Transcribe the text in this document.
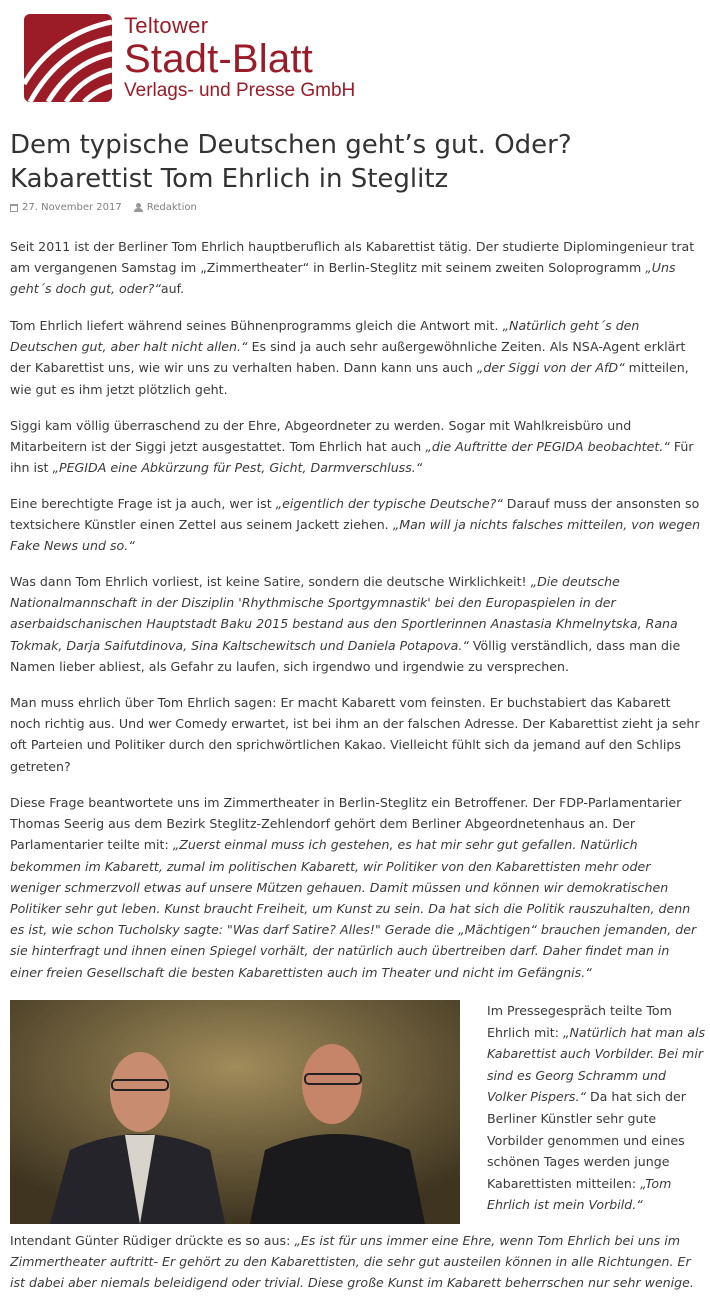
Teltower
Stadt-Blatt
Verlags- und Presse GmbH
Dem typische Deutschen geht’s gut. Oder? Kabarettist Tom Ehrlich in Steglitz
27. November 2017	Redaktion

Seit 2011 ist der Berliner Tom Ehrlich hauptberuflich als Kabarettist tätig. Der studierte Diplomingenieur trat am vergangenen Samstag im „Zimmertheater“ in Berlin-Steglitz mit seinem zweiten Soloprogramm „Uns geht´s doch gut, oder?“auf.

Tom Ehrlich liefert während seines Bühnenprogramms gleich die Antwort mit. „Natürlich geht´s den Deutschen gut, aber halt nicht allen.“ Es sind ja auch sehr außergewöhnliche Zeiten. Als NSA-Agent erklärt der Kabarettist uns, wie wir uns zu verhalten haben. Dann kann uns auch „der Siggi von der AfD“ mitteilen, wie gut es ihm jetzt plötzlich geht.

Siggi kam völlig überraschend zu der Ehre, Abgeordneter zu werden. Sogar mit Wahlkreisbüro und Mitarbeitern ist der Siggi jetzt ausgestattet. Tom Ehrlich hat auch „die Auftritte der PEGIDA beobachtet.“ Für ihn ist „PEGIDA eine Abkürzung für Pest, Gicht, Darmverschluss.“

Eine berechtigte Frage ist ja auch, wer ist „eigentlich der typische Deutsche?“ Darauf muss der ansonsten so textsichere Künstler einen Zettel aus seinem Jackett ziehen. „Man will ja nichts falsches mitteilen, von wegen Fake News und so.“

Was dann Tom Ehrlich vorliest, ist keine Satire, sondern die deutsche Wirklichkeit! „Die deutsche Nationalmannschaft in der Disziplin 'Rhythmische Sportgymnastik' bei den Europaspielen in der aserbaidschanischen Hauptstadt Baku 2015 bestand aus den Sportlerinnen Anastasia Khmelnytska, Rana Tokmak, Darja Saifutdinova, Sina Kaltschewitsch und Daniela Potapova.“ Völlig verständlich, dass man die Namen lieber abliest, als Gefahr zu laufen, sich irgendwo und irgendwie zu versprechen.

Man muss ehrlich über Tom Ehrlich sagen: Er macht Kabarett vom feinsten. Er buchstabiert das Kabarett noch richtig aus. Und wer Comedy erwartet, ist bei ihm an der falschen Adresse. Der Kabarettist zieht ja sehr oft Parteien und Politiker durch den sprichwörtlichen Kakao. Vielleicht fühlt sich da jemand auf den Schlips getreten?

Diese Frage beantwortete uns im Zimmertheater in Berlin-Steglitz ein Betroffener. Der FDP-Parlamentarier Thomas Seerig aus dem Bezirk Steglitz-Zehlendorf gehört dem Berliner Abgeordnetenhaus an. Der Parlamentarier teilte mit: „Zuerst einmal muss ich gestehen, es hat mir sehr gut gefallen. Natürlich bekommen im Kabarett, zumal im politischen Kabarett, wir Politiker von den Kabarettisten mehr oder weniger schmerzvoll etwas auf unsere Mützen gehauen. Damit müssen und können wir demokratischen Politiker sehr gut leben. Kunst braucht Freiheit, um Kunst zu sein. Da hat sich die Politik rauszuhalten, denn es ist, wie schon Tucholsky sagte: "Was darf Satire? Alles!" Gerade die „Mächtigen“ brauchen jemanden, der sie hinterfragt und ihnen einen Spiegel vorhält, der natürlich auch übertreiben darf. Daher findet man in einer freien Gesellschaft die besten Kabarettisten auch im Theater und nicht im Gefängnis.“

Im Pressegespräch teilte Tom Ehrlich mit: „Natürlich hat man als Kabarettist auch Vorbilder. Bei mir sind es Georg Schramm und Volker Pispers.“ Da hat sich der Berliner Künstler sehr gute Vorbilder genommen und eines schönen Tages werden junge Kabarettisten mitteilen: „Tom Ehrlich ist mein Vorbild.“

Intendant Günter Rüdiger drückte es so aus: „Es ist für uns immer eine Ehre, wenn Tom Ehrlich bei uns im Zimmertheater auftritt- Er gehört zu den Kabarettisten, die sehr gut austeilen können in alle Richtungen. Er ist dabei aber niemals beleidigend oder trivial. Diese große Kunst im Kabarett beherrschen nur sehr wenige.
